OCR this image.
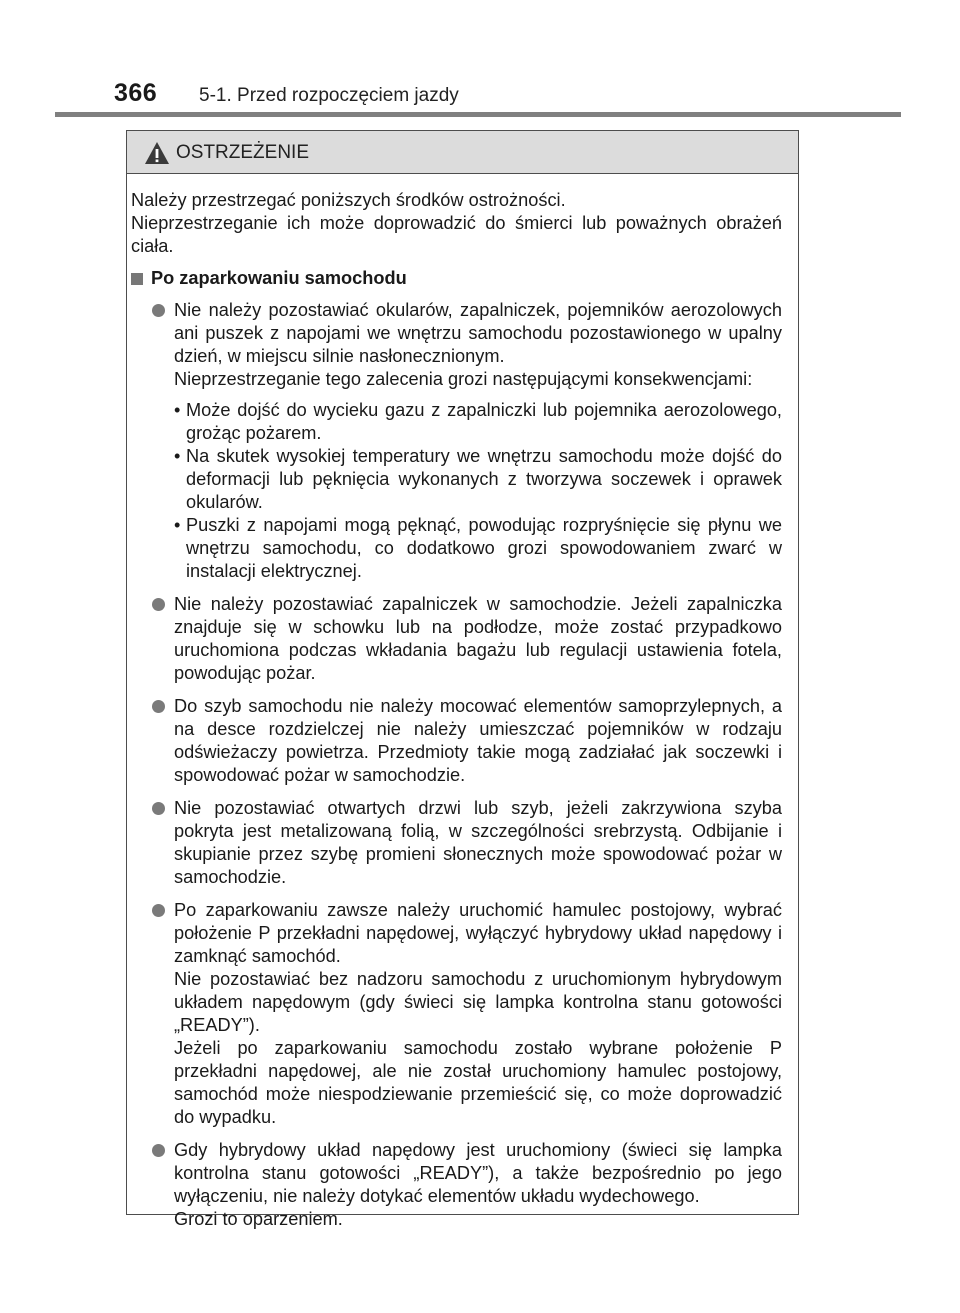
366 5-1. Przed rozpoczęciem jazdy
OSTRZEŻENIE
Należy przestrzegać poniższych środków ostrożności.
Nieprzestrzeganie ich może doprowadzić do śmierci lub poważnych obrażeń ciała.
Po zaparkowaniu samochodu
Nie należy pozostawiać okularów, zapalniczek, pojemników aerozolowych ani puszek z napojami we wnętrzu samochodu pozostawionego w upalny dzień, w miejscu silnie nasłonecznionym.
Nieprzestrzeganie tego zalecenia grozi następującymi konsekwencjami:
• Może dojść do wycieku gazu z zapalniczki lub pojemnika aerozolowego, grożąc pożarem.
• Na skutek wysokiej temperatury we wnętrzu samochodu może dojść do deformacji lub pęknięcia wykonanych z tworzywa soczewek i oprawek okularów.
• Puszki z napojami mogą pęknąć, powodując rozpryśnięcie się płynu we wnętrzu samochodu, co dodatkowo grozi spowodowaniem zwarć w instalacji elektrycznej.
Nie należy pozostawiać zapalniczek w samochodzie. Jeżeli zapalniczka znajduje się w schowku lub na podłodze, może zostać przypadkowo uruchomiona podczas wkładania bagażu lub regulacji ustawienia fotela, powodując pożar.
Do szyb samochodu nie należy mocować elementów samoprzylepnych, a na desce rozdzielczej nie należy umieszczać pojemników w rodzaju odświeżaczy powietrza. Przedmioty takie mogą zadziałać jak soczewki i spowodować pożar w samochodzie.
Nie pozostawiać otwartych drzwi lub szyb, jeżeli zakrzywiona szyba pokryta jest metalizowaną folią, w szczególności srebrzystą. Odbijanie i skupianie przez szybę promieni słonecznych może spowodować pożar w samochodzie.
Po zaparkowaniu zawsze należy uruchomić hamulec postojowy, wybrać położenie P przekładni napędowej, wyłączyć hybrydowy układ napędowy i zamknąć samochód.
Nie pozostawiać bez nadzoru samochodu z uruchomionym hybrydowym układem napędowym (gdy świeci się lampka kontrolna stanu gotowości „READY”).
Jeżeli po zaparkowaniu samochodu zostało wybrane położenie P przekładni napędowej, ale nie został uruchomiony hamulec postojowy, samochód może niespodziewanie przemieścić się, co może doprowadzić do wypadku.
Gdy hybrydowy układ napędowy jest uruchomiony (świeci się lampka kontrolna stanu gotowości „READY”), a także bezpośrednio po jego wyłączeniu, nie należy dotykać elementów układu wydechowego.
Grozi to oparzeniem.
